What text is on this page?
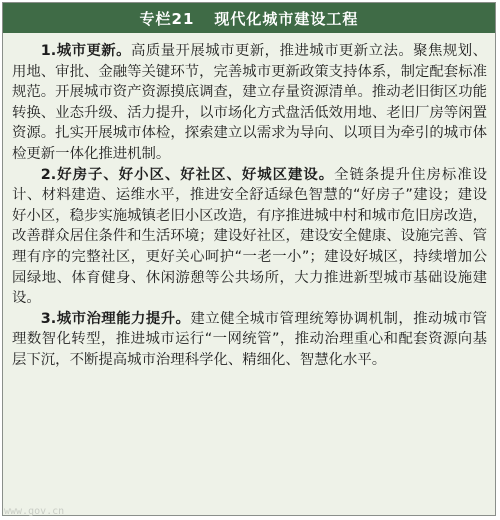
专栏21 现代化城市建设工程

1.城市更新。高质量开展城市更新，推进城市更新立法。聚焦规划、用地、审批、金融等关键环节，完善城市更新政策支持体系，制定配套标准规范。开展城市资产资源摸底调查，建立存量资源清单。推动老旧街区功能转换、业态升级、活力提升，以市场化方式盘活低效用地、老旧厂房等闲置资源。扎实开展城市体检，探索建立以需求为导向、以项目为牵引的城市体检更新一体化推进机制。

2.好房子、好小区、好社区、好城区建设。全链条提升住房标准设计、材料建造、运维水平，推进安全舒适绿色智慧的“好房子”建设；建设好小区，稳步实施城镇老旧小区改造，有序推进城中村和城市危旧房改造，改善群众居住条件和生活环境；建设好社区，建设安全健康、设施完善、管理有序的完整社区，更好关心呵护“一老一小”；建设好城区，持续增加公园绿地、体育健身、休闲游憩等公共场所，大力推进新型城市基础设施建设。

3.城市治理能力提升。建立健全城市管理统筹协调机制，推动城市管理数智化转型，推进城市运行“一网统管”，推动治理重心和配套资源向基层下沉，不断提高城市治理科学化、精细化、智慧化水平。

www.gov.cn
